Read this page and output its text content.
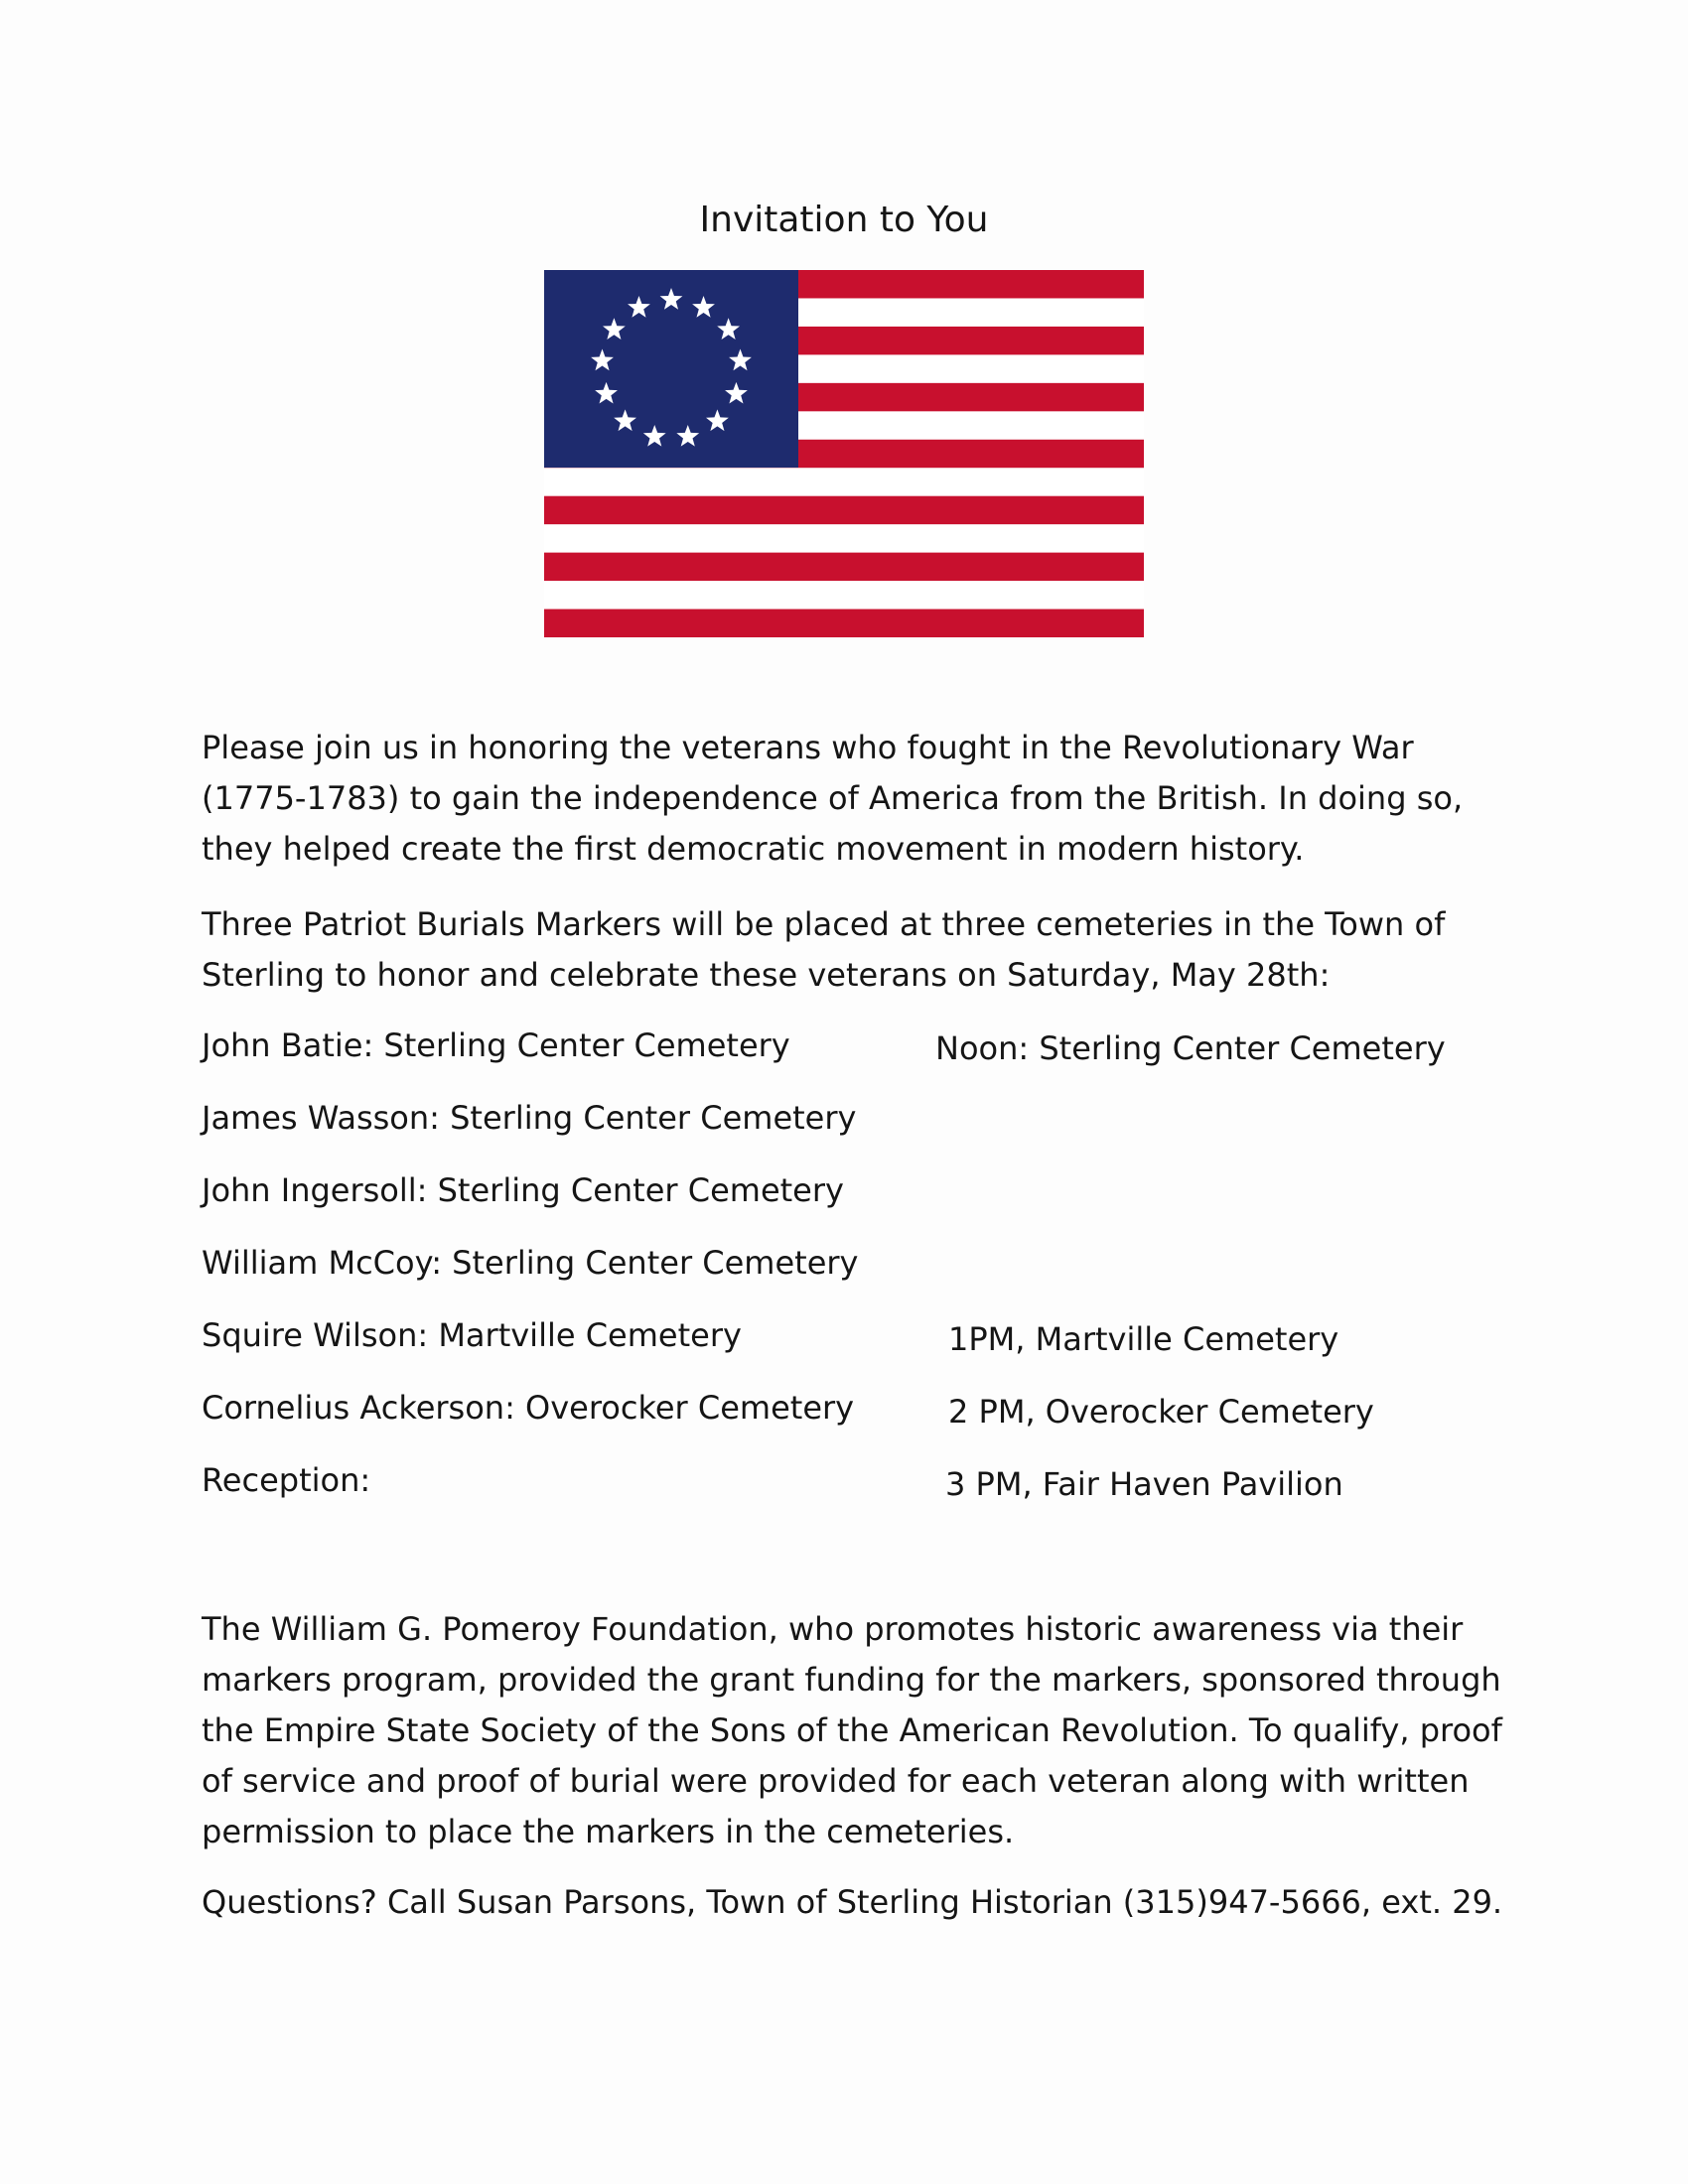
Invitation to You

Please join us in honoring the veterans who fought in the Revolutionary War (1775-1783) to gain the independence of America from the British. In doing so, they helped create the first democratic movement in modern history.

Three Patriot Burials Markers will be placed at three cemeteries in the Town of Sterling to honor and celebrate these veterans on Saturday, May 28th:

John Batie: Sterling Center Cemetery	Noon: Sterling Center Cemetery
James Wasson: Sterling Center Cemetery
John Ingersoll: Sterling Center Cemetery
William McCoy: Sterling Center Cemetery
Squire Wilson: Martville Cemetery	1PM, Martville Cemetery
Cornelius Ackerson: Overocker Cemetery	2 PM, Overocker Cemetery
Reception:	3 PM, Fair Haven Pavilion

The William G. Pomeroy Foundation, who promotes historic awareness via their markers program, provided the grant funding for the markers, sponsored through the Empire State Society of the Sons of the American Revolution. To qualify, proof of service and proof of burial were provided for each veteran along with written permission to place the markers in the cemeteries.

Questions? Call Susan Parsons, Town of Sterling Historian (315)947-5666, ext. 29.
